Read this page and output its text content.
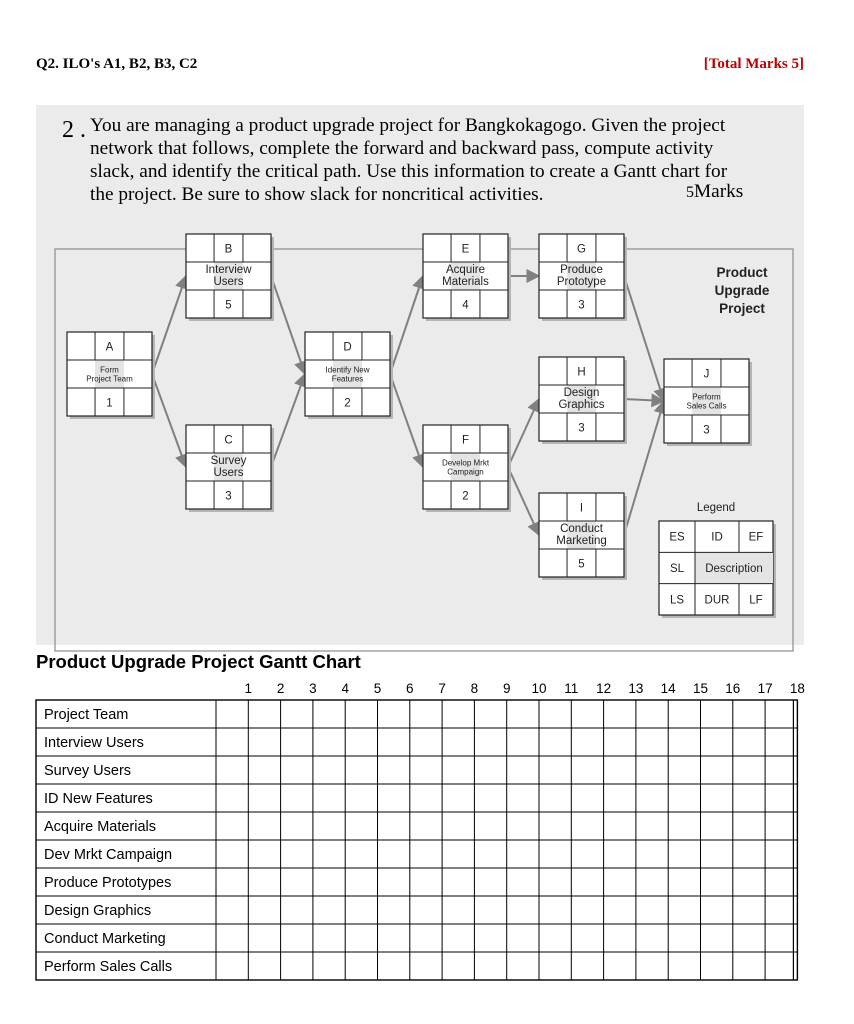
Q2. ILO's A1, B2, B3, C2	[Total Marks 5]
2 . You are managing a product upgrade project for Bangkokagogo. Given the project
network that follows, complete the forward and backward pass, compute activity
slack, and identify the critical path. Use this information to create a Gantt chart for
the project. Be sure to show slack for noncritical activities.	5Marks
A
1
Form
Project Team
B
5
Interview
Users
C
3
Survey
Users
D
2
Identify New
Features
E
4
Acquire
Materials
F
2
Develop Mrkt
Campaign
G
3
Produce
Prototype
H
3
Design
Graphics
I
5
Conduct
Marketing
J
3
Perform
Sales Calls
Product
Upgrade
Project
Legend
ES ID EF
SL Description
LS DUR LF
Product Upgrade Project Gantt Chart
1 2 3 4 5 6 7 8 9 10 11 12 13 14 15 16 17 18
Project Team
Interview Users
Survey Users
ID New Features
Acquire Materials
Dev Mrkt Campaign
Produce Prototypes
Design Graphics
Conduct Marketing
Perform Sales Calls
